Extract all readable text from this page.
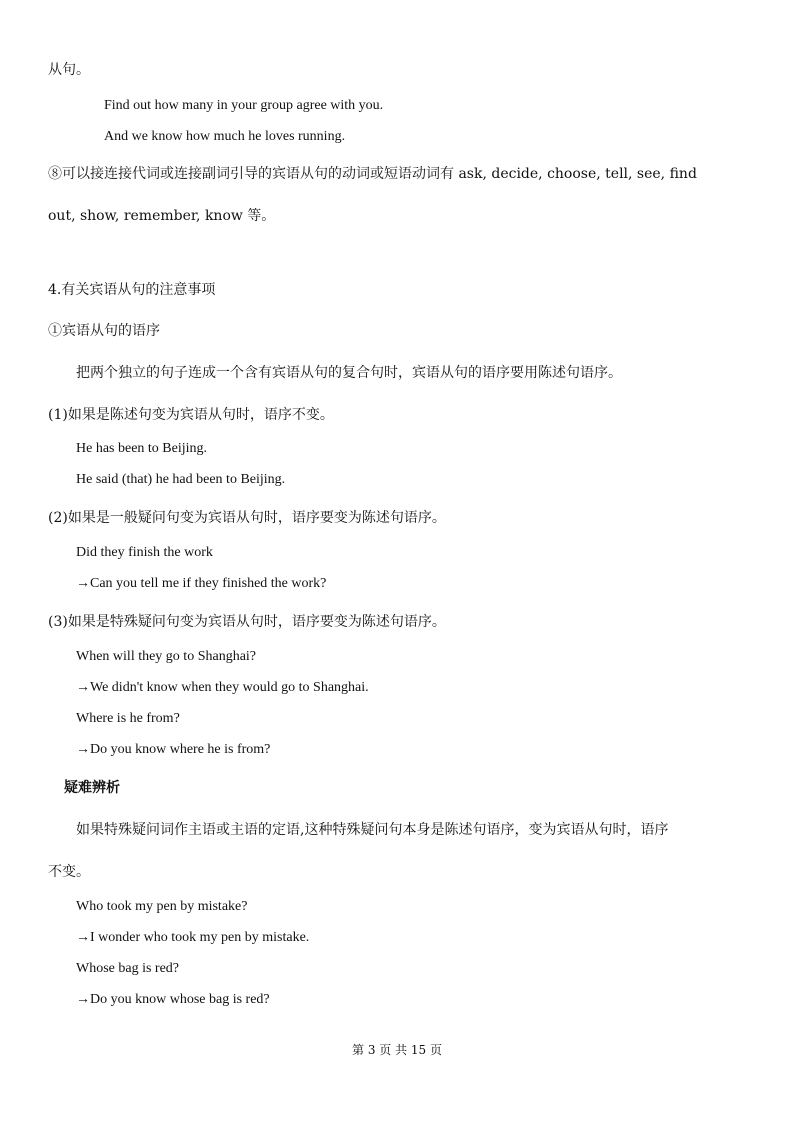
从句。
Find out how many in your group agree with you.
And we know how much he loves running.
⑧可以接连接代词或连接副词引导的宾语从句的动词或短语动词有 ask, decide, choose, tell, see, find
out, show, remember, know 等。
4.有关宾语从句的注意事项
①宾语从句的语序
把两个独立的句子连成一个含有宾语从句的复合句时，宾语从句的语序要用陈述句语序。
(1)如果是陈述句变为宾语从句时，语序不变。
He has been to Beijing.
He said (that) he had been to Beijing.
(2)如果是一般疑问句变为宾语从句时，语序要变为陈述句语序。
Did they finish the work
→Can you tell me if they finished the work?
(3)如果是特殊疑问句变为宾语从句时，语序要变为陈述句语序。
When will they go to Shanghai?
→We didn't know when they would go to Shanghai.
Where is he from?
→Do you know where he is from?
疑难辨析
如果特殊疑问词作主语或主语的定语,这种特殊疑问句本身是陈述句语序，变为宾语从句时，语序
不变。
Who took my pen by mistake?
→I wonder who took my pen by mistake.
Whose bag is red?
→Do you know whose bag is red?
第 3 页 共 15 页
